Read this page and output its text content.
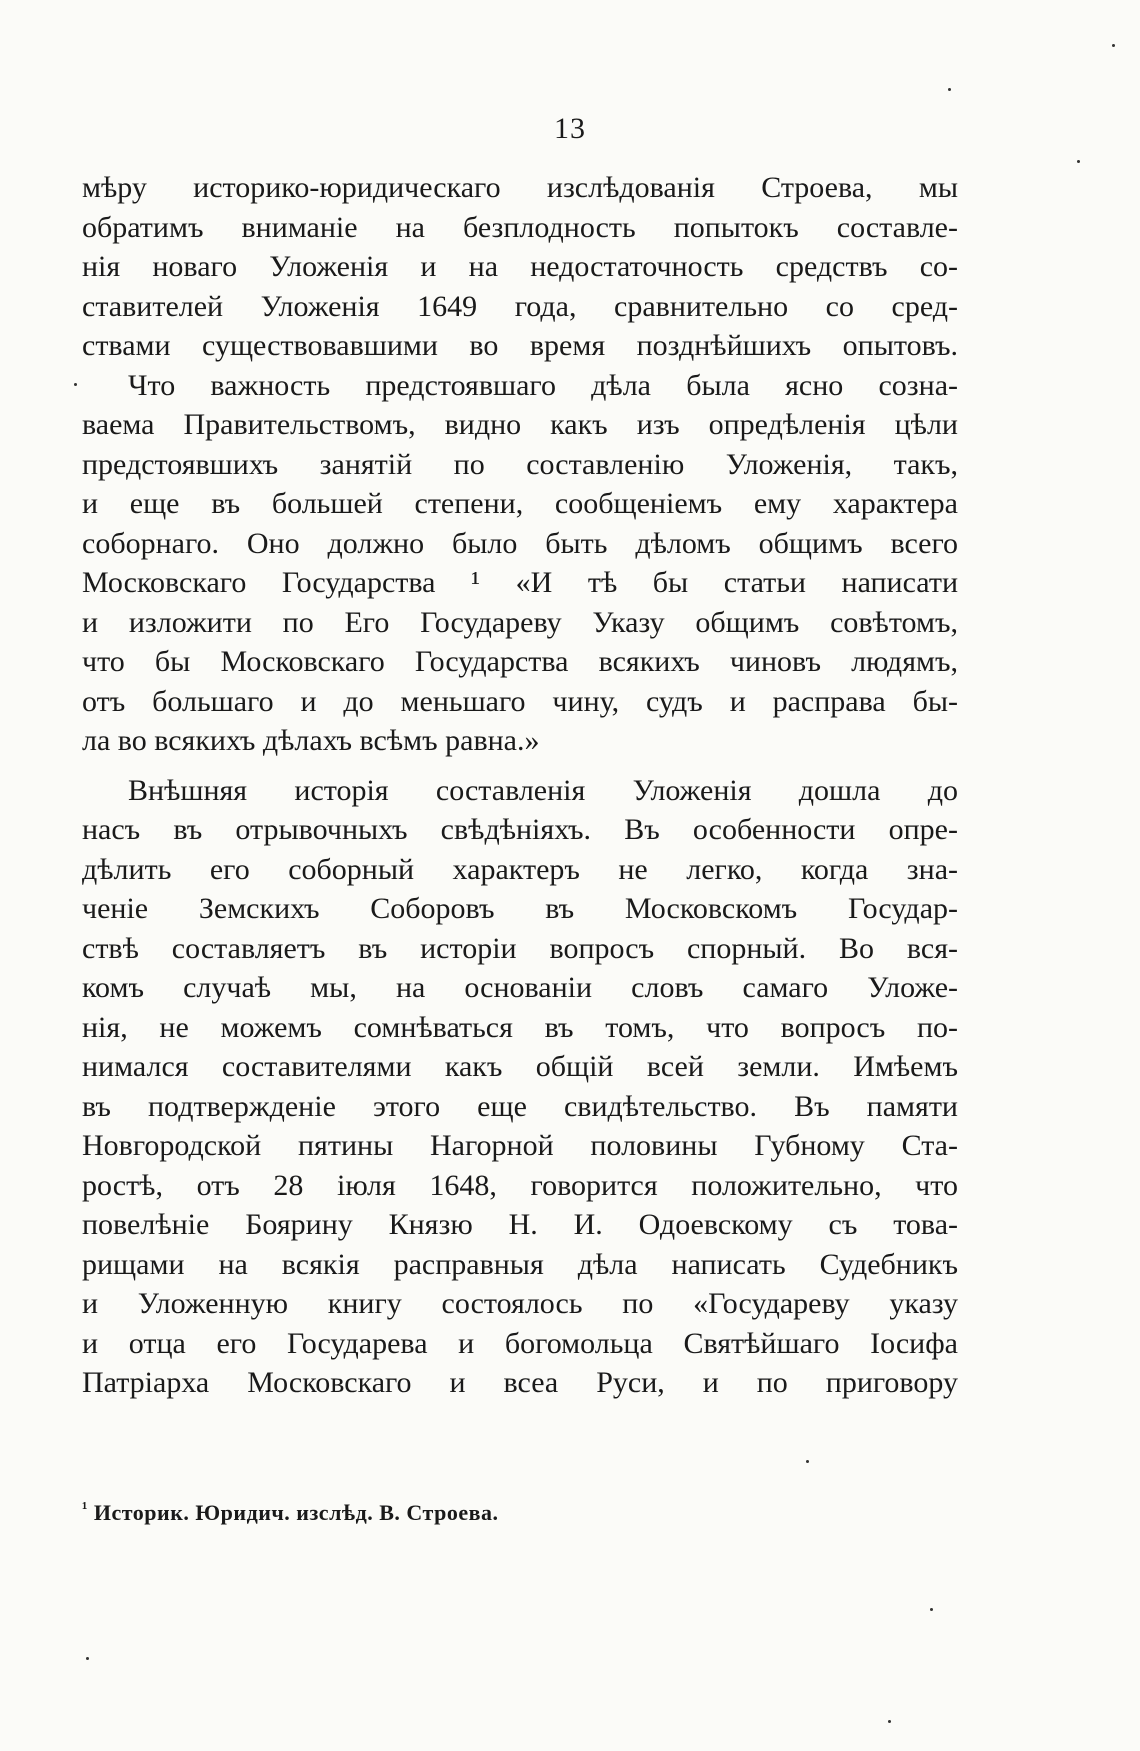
13
мѣру историко-юридическаго изслѣдованія Строева, мы
обратимъ вниманіе на безплодность попытокъ составле-
нія новаго Уложенія и на недостаточность средствъ со-
ставителей Уложенія 1649 года, сравнительно со сред-
ствами существовавшими во время позднѣйшихъ опытовъ.
Что важность предстоявшаго дѣла была ясно созна-
ваема Правительствомъ, видно какъ изъ опредѣленія цѣли
предстоявшихъ занятій по составленію Уложенія, такъ,
и еще въ большей степени, сообщеніемъ ему характера
соборнаго. Оно должно было быть дѣломъ общимъ всего
Московскаго Государства ¹ «И тѣ бы статьи написати
и изложити по Его Государеву Указу общимъ совѣтомъ,
что бы Московскаго Государства всякихъ чиновъ людямъ,
отъ большаго и до меньшаго чину, судъ и расправа бы-
ла во всякихъ дѣлахъ всѣмъ равна.»
Внѣшняя исторія составленія Уложенія дошла до
насъ въ отрывочныхъ свѣдѣніяхъ. Въ особенности опре-
дѣлить его соборный характеръ не легко, когда зна-
ченіе Земскихъ Соборовъ въ Московскомъ Государ-
ствѣ составляетъ въ исторіи вопросъ спорный. Во вся-
комъ случаѣ мы, на основаніи словъ самаго Уложе-
нія, не можемъ сомнѣваться въ томъ, что вопросъ по-
нимался составителями какъ общій всей земли. Имѣемъ
въ подтвержденіе этого еще свидѣтельство. Въ памяти
Новгородской пятины Нагорной половины Губному Ста-
ростѣ, отъ 28 іюля 1648, говорится положительно, что
повелѣніе Боярину Князю Н. И. Одоевскому съ това-
рищами на всякія расправныя дѣла написать Судебникъ
и Уложенную книгу состоялось по «Государеву указу
и отца его Государева и богомольца Святѣйшаго Іосифа
Патріарха Московскаго и всеа Руси, и по приговору
$^{^1}$ Историк. Юридич. изслѣд. В. Строева.
